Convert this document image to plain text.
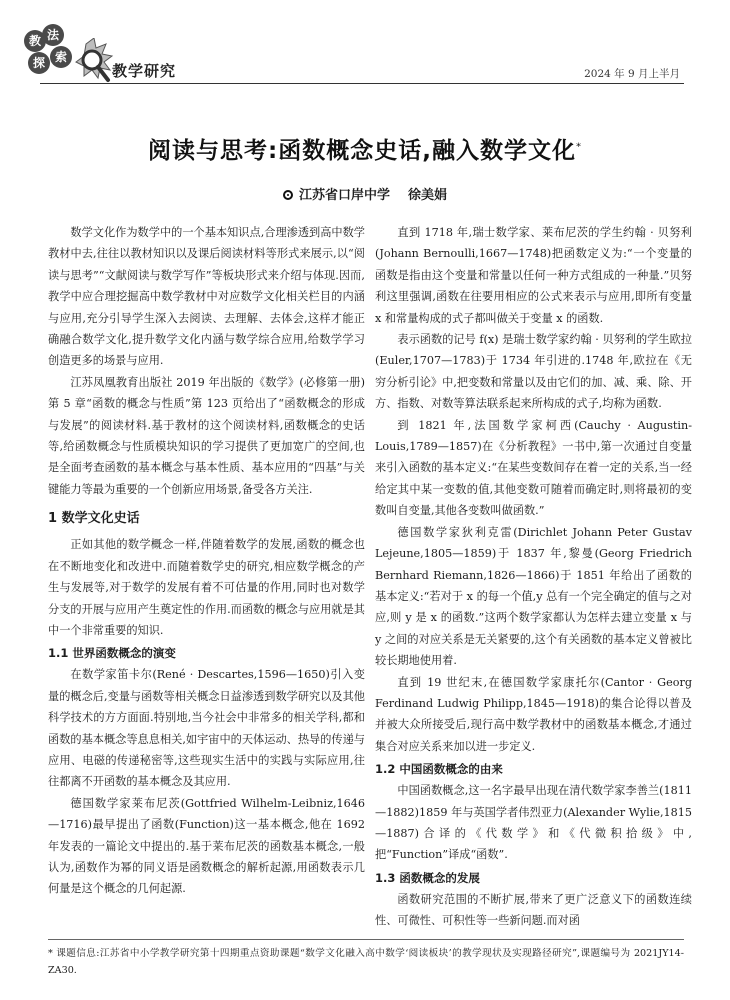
教 法
探 索
教学研究	2024 年 9 月上半月
阅读与思考:函数概念史话,融入数学文化*
江苏省口岸中学 徐美娟

数学文化作为数学中的一个基本知识点,合理渗透到高中数学教材中去,往往以教材知识以及课后阅读材料等形式来展示,以“阅读与思考”“文献阅读与数学写作”等板块形式来介绍与体现.因而,教学中应合理挖掘高中数学教材中对应数学文化相关栏目的内涵与应用,充分引导学生深入去阅读、去理解、去体会,这样才能正确融合数学文化,提升数学文化内涵与数学综合应用,给数学学习创造更多的场景与应用.

江苏凤凰教育出版社 2019 年出版的《数学》(必修第一册)第 5 章“函数的概念与性质”第 123 页给出了“函数概念的形成与发展”的阅读材料.基于教材的这个阅读材料,函数概念的史话等,给函数概念与性质模块知识的学习提供了更加宽广的空间,也是全面考查函数的基本概念与基本性质、基本应用的“四基”与关键能力等最为重要的一个创新应用场景,备受各方关注.

1 数学文化史话

正如其他的数学概念一样,伴随着数学的发展,函数的概念也在不断地变化和改进中.而随着数学史的研究,相应数学概念的产生与发展等,对于数学的发展有着不可估量的作用,同时也对数学分支的开展与应用产生奠定性的作用.而函数的概念与应用就是其中一个非常重要的知识.

1.1 世界函数概念的演变

在数学家笛卡尔(René · Descartes,1596—1650)引入变量的概念后,变量与函数等相关概念日益渗透到数学研究以及其他科学技术的方方面面.特别地,当今社会中非常多的相关学科,都和函数的基本概念等息息相关,如宇宙中的天体运动、热导的传递与应用、电磁的传递秘密等,这些现实生活中的实践与实际应用,往往都离不开函数的基本概念及其应用.

德国数学家莱布尼茨(Gottfried Wilhelm-Leibniz,1646—1716)最早提出了函数(Function)这一基本概念,他在 1692 年发表的一篇论文中提出的.基于莱布尼茨的函数基本概念,一般认为,函数作为幂的同义语是函数概念的解析起源,用函数表示几何量是这个概念的几何起源.

直到 1718 年,瑞士数学家、莱布尼茨的学生约翰 · 贝努利(Johann Bernoulli,1667—1748)把函数定义为:“一个变量的函数是指由这个变量和常量以任何一种方式组成的一种量.”贝努利这里强调,函数在往要用相应的公式来表示与应用,即所有变量 x 和常量构成的式子都叫做关于变量 x 的函数.

表示函数的记号 f(x) 是瑞士数学家约翰 · 贝努利的学生欧拉(Euler,1707—1783)于 1734 年引进的.1748 年,欧拉在《无穷分析引论》中,把变数和常量以及由它们的加、减、乘、除、开方、指数、对数等算法联系起来所构成的式子,均称为函数.

到 1821 年,法国数学家柯西(Cauchy · Augustin-Louis,1789—1857)在《分析教程》一书中,第一次通过自变量来引入函数的基本定义:“在某些变数间存在着一定的关系,当一经给定其中某一变数的值,其他变数可随着而确定时,则将最初的变数叫自变量,其他各变数叫做函数.”

德国数学家狄利克雷(Dirichlet Johann Peter Gustav Lejeune,1805—1859)于 1837 年,黎曼(Georg Friedrich Bernhard Riemann,1826—1866)于 1851 年给出了函数的基本定义:“若对于 x 的每一个值,y 总有一个完全确定的值与之对应,则 y 是 x 的函数.”这两个数学家都认为怎样去建立变量 x 与 y 之间的对应关系是无关紧要的,这个有关函数的基本定义曾被比较长期地使用着.

直到 19 世纪末,在德国数学家康托尔(Cantor · Georg Ferdinand Ludwig Philipp,1845—1918)的集合论得以普及并被大众所接受后,现行高中数学教材中的函数基本概念,才通过集合对应关系来加以进一步定义.

1.2 中国函数概念的由来

中国函数概念,这一名字最早出现在清代数学家李善兰(1811—1882)1859 年与英国学者伟烈亚力(Alexander Wylie,1815—1887)合译的《代数学》和《代微积拾级》中,把“Function”译成“函数”.

1.3 函数概念的发展

函数研究范围的不断扩展,带来了更广泛意义下的函数连续性、可微性、可积性等一些新问题.而对函

* 课题信息:江苏省中小学教学研究第十四期重点资助课题“数学文化融入高中数学‘阅读板块’的教学现状及实现路径研究”,课题编号为 2021JY14-ZA30.
